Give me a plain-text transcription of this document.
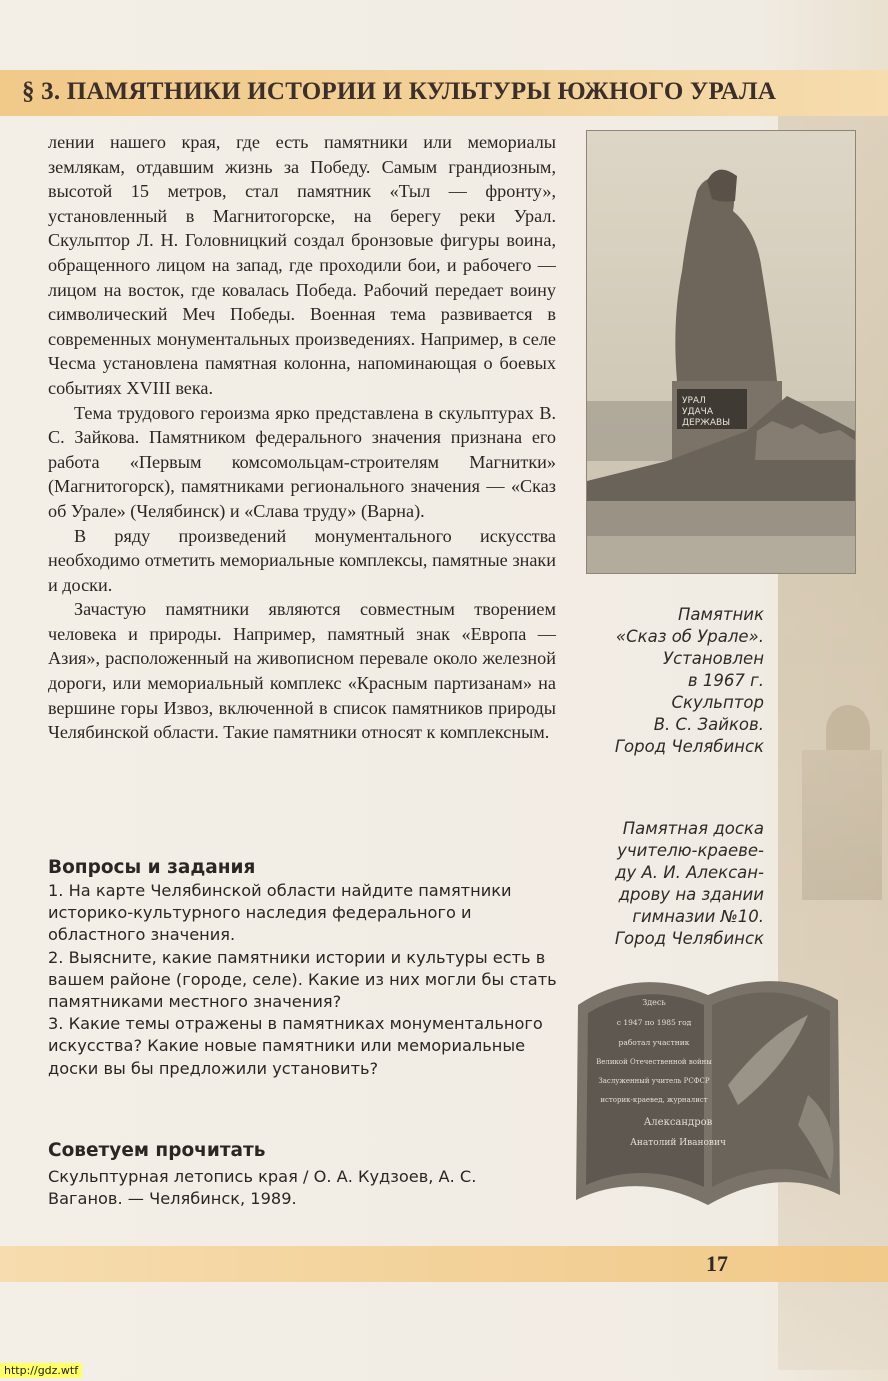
§ 3. ПАМЯТНИКИ ИСТОРИИ И КУЛЬТУРЫ ЮЖНОГО УРАЛА

лении нашего края, где есть памятники или мемориалы землякам, отдавшим жизнь за Победу. Самым грандиозным, высотой 15 метров, стал памятник «Тыл — фронту», установленный в Магнитогорске, на берегу реки Урал. Скульптор Л. Н. Головницкий создал бронзовые фигуры воина, обращенного лицом на запад, где проходили бои, и рабочего — лицом на восток, где ковалась Победа. Рабочий передает воину символический Меч Победы. Военная тема развивается в современных монументальных произведениях. Например, в селе Чесма установлена памятная колонна, напоминающая о боевых событиях XVIII века.

Тема трудового героизма ярко представлена в скульптурах В. С. Зайкова. Памятником федерального значения признана его работа «Первым комсомольцам-строителям Магнитки» (Магнитогорск), памятниками регионального значения — «Сказ об Урале» (Челябинск) и «Слава труду» (Варна).

В ряду произведений монументального искусства необходимо отметить мемориальные комплексы, памятные знаки и доски.

Зачастую памятники являются совместным творением человека и природы. Например, памятный знак «Европа — Азия», расположенный на живописном перевале около железной дороги, или мемориальный комплекс «Красным партизанам» на вершине горы Извоз, включенной в список памятников природы Челябинской области. Такие памятники относят к комплексным.

УРАЛ
УДАЧА
ДЕРЖАВЫ
Памятник
«Сказ об Урале».
Установлен
в 1967 г.
Скульптор
В. С. Зайков.
Город Челябинск
Памятная доска
учителю-краеве-
ду А. И. Алексан-
дрову на здании
гимназии №10.
Город Челябинск

Вопросы и задания

1. На карте Челябинской области найдите памятники историко-культурного наследия федерального и областного значения.

2. Выясните, какие памятники истории и культуры есть в вашем районе (городе, селе). Какие из них могли бы стать памятниками местного значения?

3. Какие темы отражены в памятниках монументального искусства? Какие новые памятники или мемориальные доски вы бы предложили установить?

Советуем прочитать
Скульптурная летопись края / О. А. Кудзоев, А. С. Ваганов. — Челябинск, 1989.
Здесь
с 1947 по 1985 год
работал участник
Великой Отечественной войны
Заслуженный учитель РСФСР
историк-краевед, журналист
Александров
Анатолий Иванович
17
http://gdz.wtf
